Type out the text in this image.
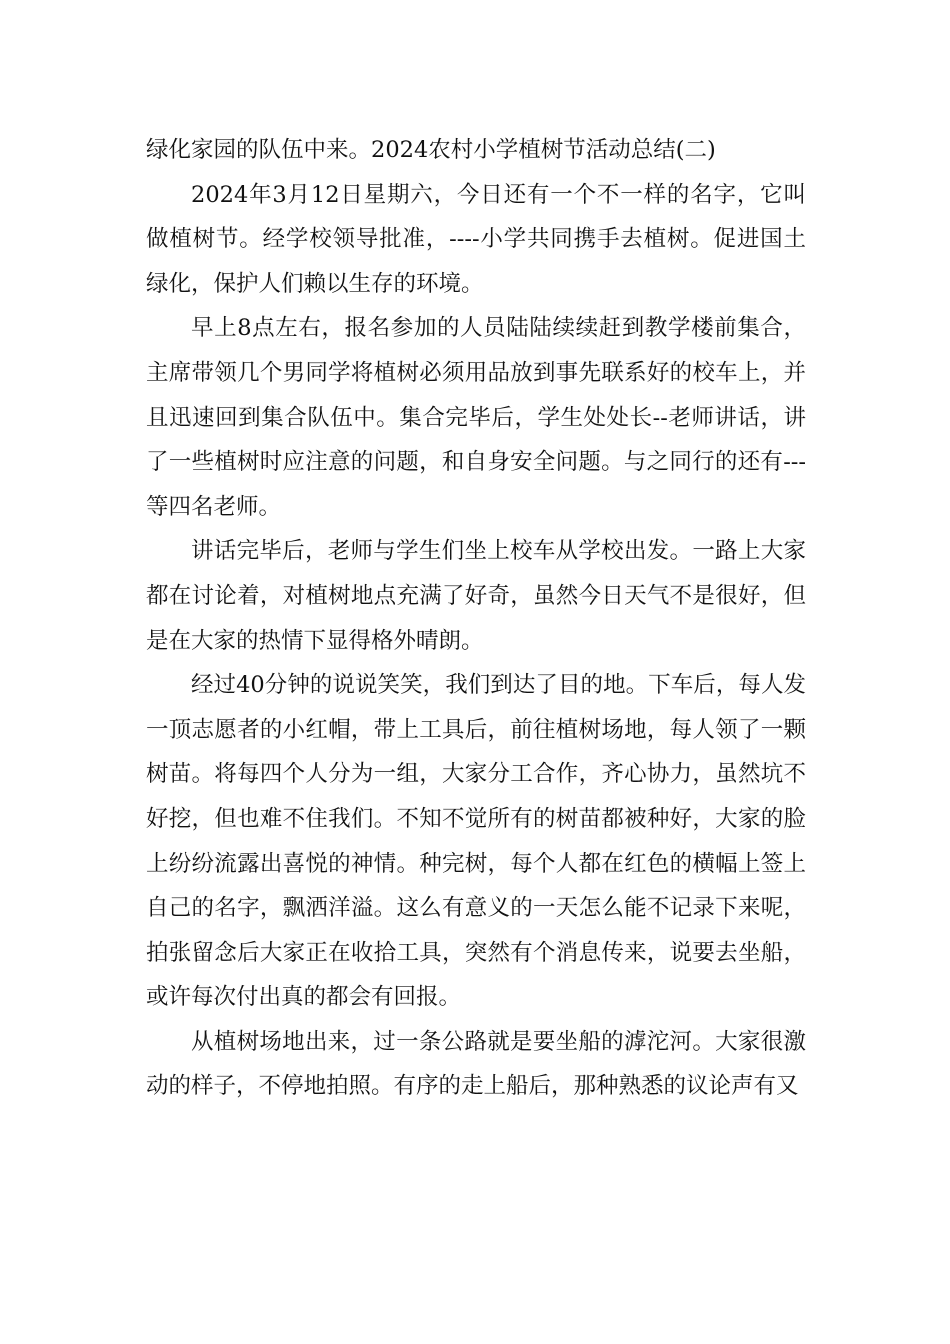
绿化家园的队伍中来。2024农村小学植树节活动总结(二)

2024年3月12日星期六，今日还有一个不一样的名字，它叫做植树节。经学校领导批准，----小学共同携手去植树。促进国土绿化，保护人们赖以生存的环境。

早上8点左右，报名参加的人员陆陆续续赶到教学楼前集合，主席带领几个男同学将植树必须用品放到事先联系好的校车上，并且迅速回到集合队伍中。集合完毕后，学生处处长--老师讲话，讲了一些植树时应注意的问题，和自身安全问题。与之同行的还有---等四名老师。

讲话完毕后，老师与学生们坐上校车从学校出发。一路上大家都在讨论着，对植树地点充满了好奇，虽然今日天气不是很好，但是在大家的热情下显得格外晴朗。

经过40分钟的说说笑笑，我们到达了目的地。下车后，每人发一顶志愿者的小红帽，带上工具后，前往植树场地，每人领了一颗树苗。将每四个人分为一组，大家分工合作，齐心协力，虽然坑不好挖，但也难不住我们。不知不觉所有的树苗都被种好，大家的脸上纷纷流露出喜悦的神情。种完树，每个人都在红色的横幅上签上自己的名字，飘洒洋溢。这么有意义的一天怎么能不记录下来呢，拍张留念后大家正在收拾工具，突然有个消息传来，说要去坐船，或许每次付出真的都会有回报。

从植树场地出来，过一条公路就是要坐船的滹沱河。大家很激动的样子，不停地拍照。有序的走上船后，那种熟悉的议论声有又
